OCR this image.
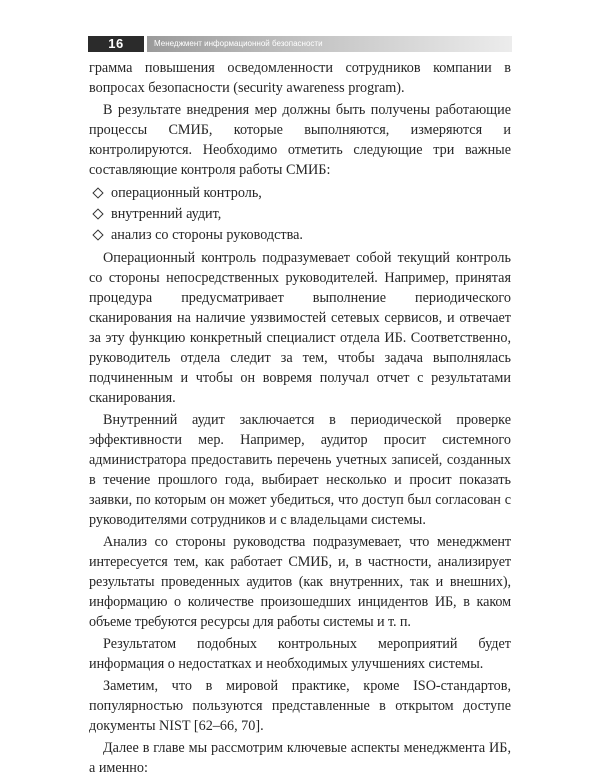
16	Менеджмент информационной безопасности

грамма повышения осведомленности сотрудников компании в вопросах безопасности (security awareness program).

В результате внедрения мер должны быть получены работающие процессы СМИБ, которые выполняются, измеряются и контролируются. Необходимо отметить следующие три важные составляющие контроля работы СМИБ:

операционный контроль,
внутренний аудит,
анализ со стороны руководства.

Операционный контроль подразумевает собой текущий контроль со стороны непосредственных руководителей. Например, принятая процедура предусматривает выполнение периодического сканирования на наличие уязвимостей сетевых сервисов, и отвечает за эту функцию конкретный специалист отдела ИБ. Соответственно, руководитель отдела следит за тем, чтобы задача выполнялась подчиненным и чтобы он вовремя получал отчет с результатами сканирования.

Внутренний аудит заключается в периодической проверке эффективности мер. Например, аудитор просит системного администратора предоставить перечень учетных записей, созданных в течение прошлого года, выбирает несколько и просит показать заявки, по которым он может убедиться, что доступ был согласован с руководителями сотрудников и с владельцами системы.

Анализ со стороны руководства подразумевает, что менеджмент интересуется тем, как работает СМИБ, и, в частности, анализирует результаты проведенных аудитов (как внутренних, так и внешних), информацию о количестве произошедших инцидентов ИБ, в каком объеме требуются ресурсы для работы системы и т. п.

Результатом подобных контрольных мероприятий будет информация о недостатках и необходимых улучшениях системы.

Заметим, что в мировой практике, кроме ISO-стандартов, популярностью пользуются представленные в открытом доступе документы NIST [62–66, 70].

Далее в главе мы рассмотрим ключевые аспекты менеджмента ИБ, а именно:
